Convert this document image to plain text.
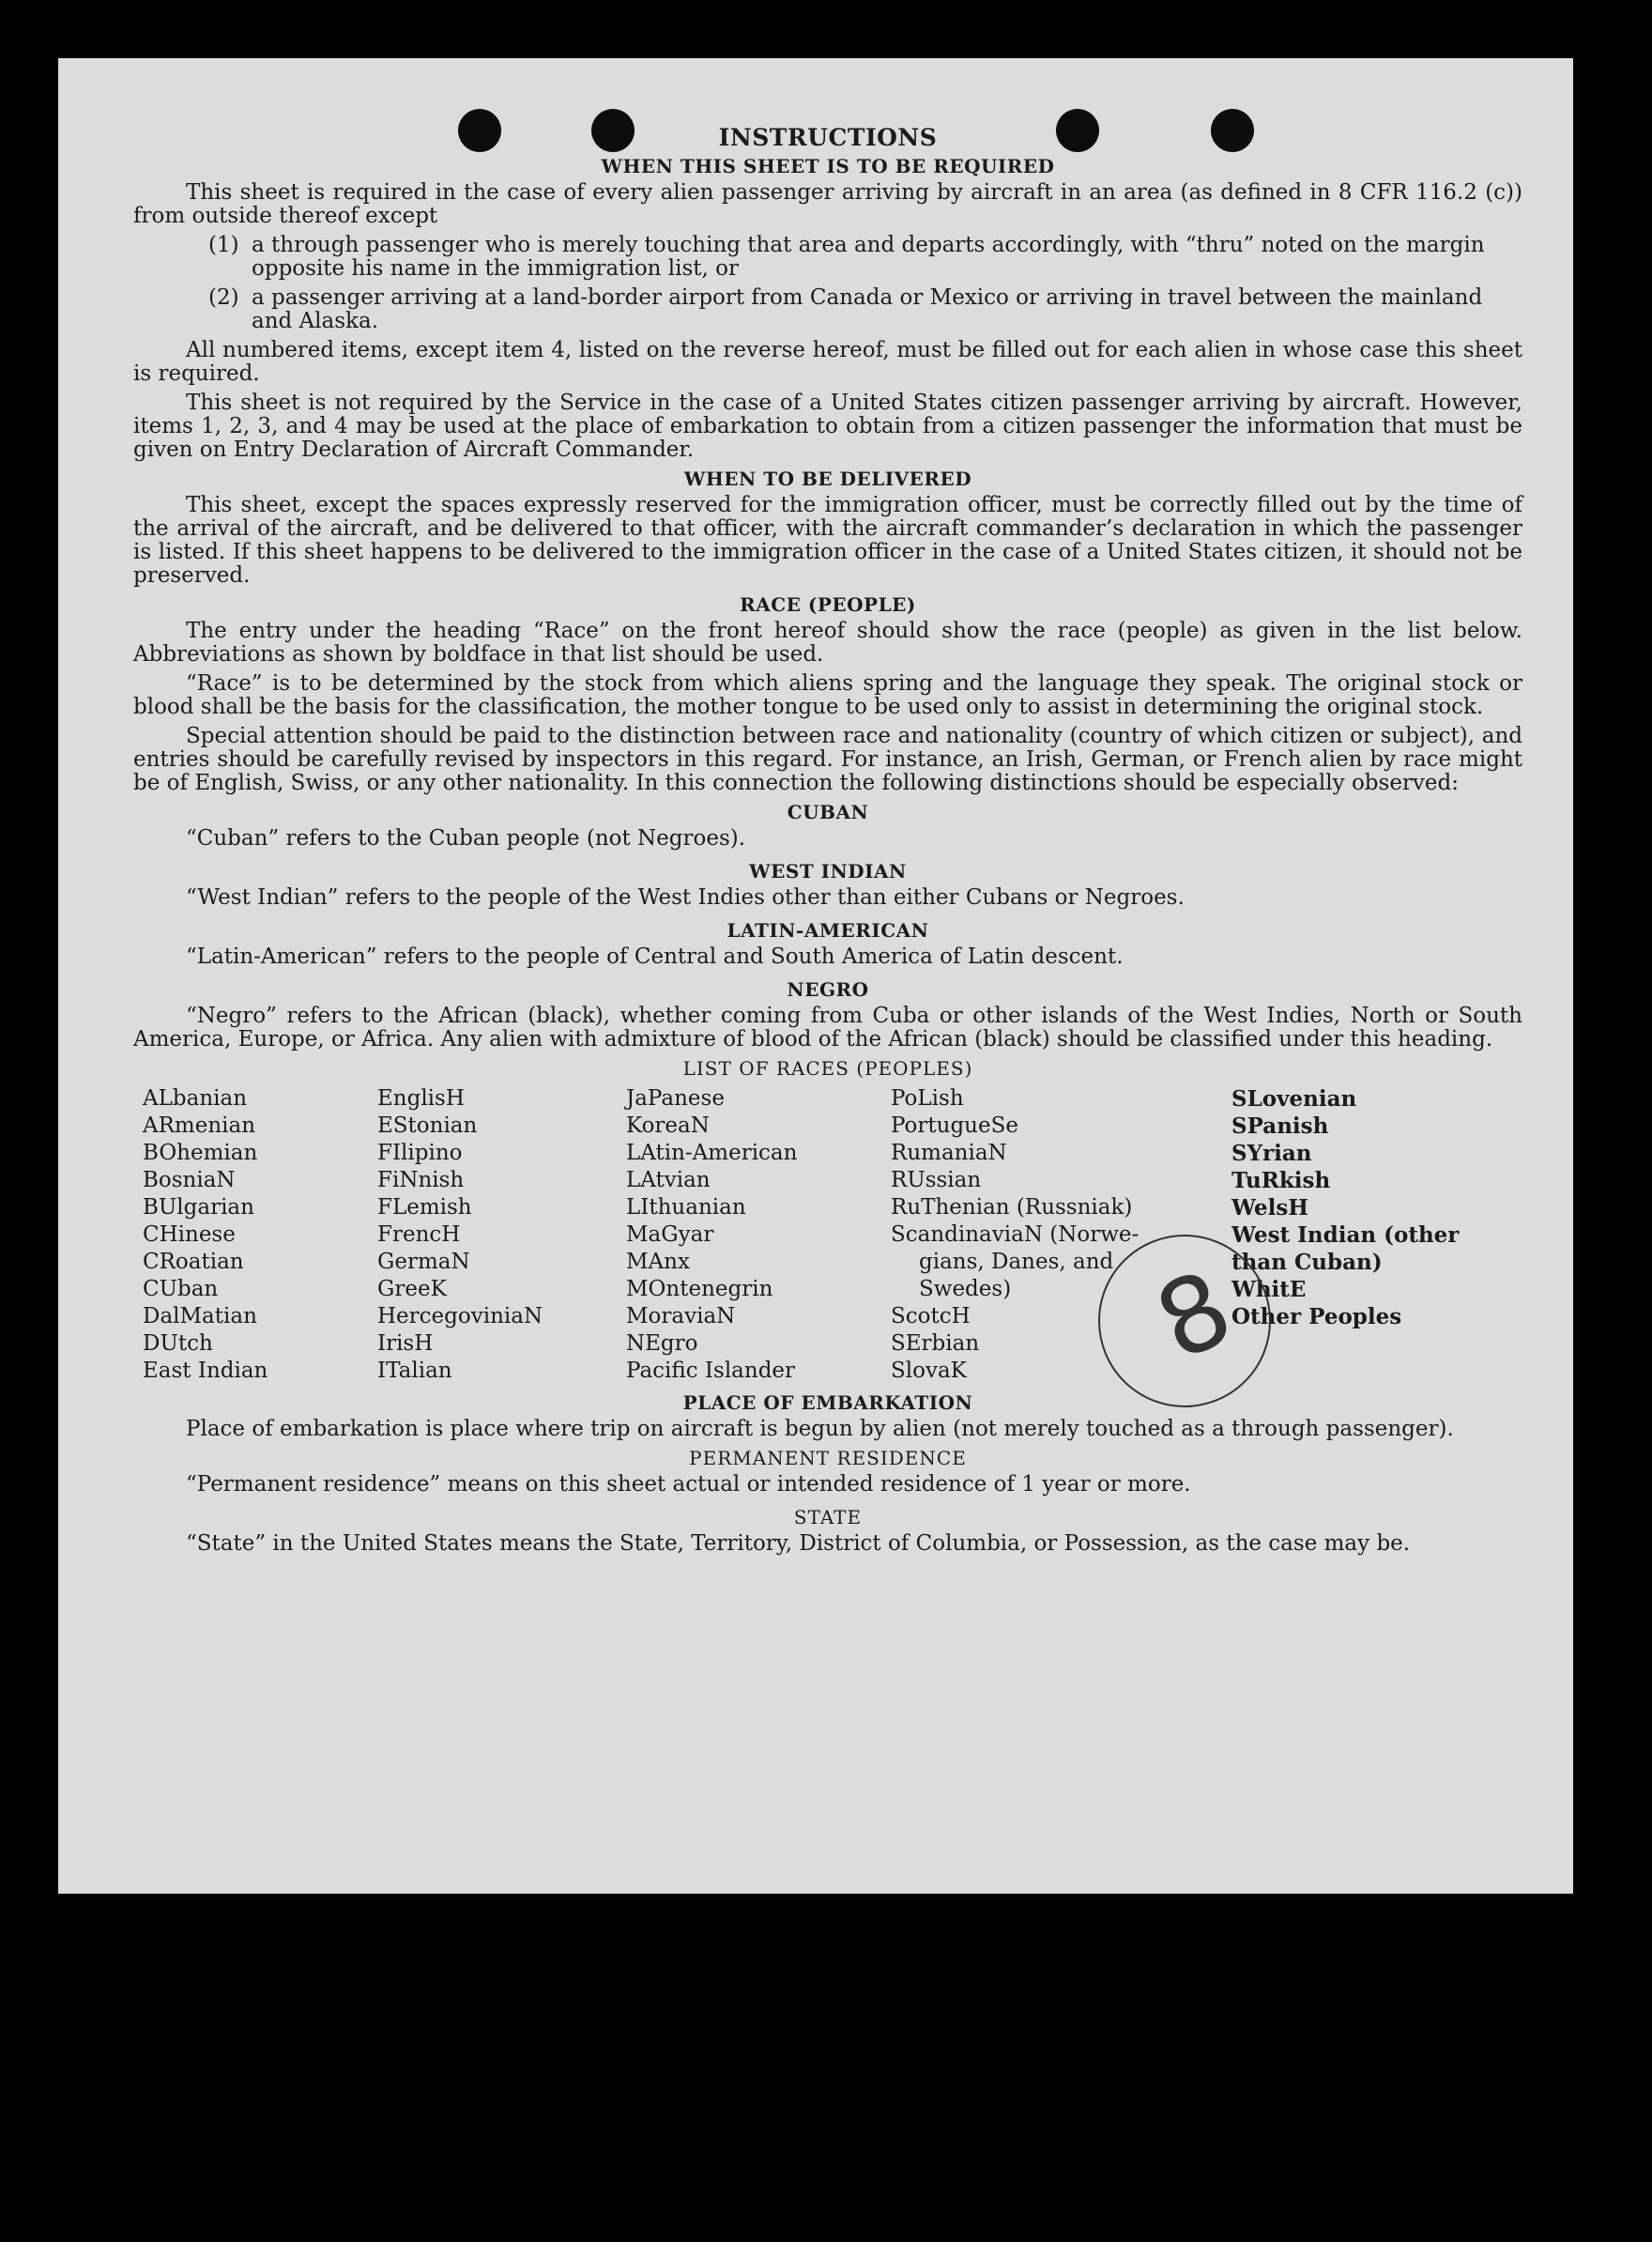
INSTRUCTIONS
WHEN THIS SHEET IS TO BE REQUIRED

This sheet is required in the case of every alien passenger arriving by aircraft in an area (as defined in 8 CFR 116.2 (c)) from outside thereof except

(1) a through passenger who is merely touching that area and departs accordingly, with “thru” noted on the margin opposite his name in the immigration list, or
(2) a passenger arriving at a land-border airport from Canada or Mexico or arriving in travel between the mainland and Alaska.

All numbered items, except item 4, listed on the reverse hereof, must be filled out for each alien in whose case this sheet is required.

This sheet is not required by the Service in the case of a United States citizen passenger arriving by aircraft. However, items 1, 2, 3, and 4 may be used at the place of embarkation to obtain from a citizen passenger the information that must be given on Entry Declaration of Aircraft Commander.

WHEN TO BE DELIVERED

This sheet, except the spaces expressly reserved for the immigration officer, must be correctly filled out by the time of the arrival of the aircraft, and be delivered to that officer, with the aircraft commander’s declaration in which the passenger is listed. If this sheet happens to be delivered to the immigration officer in the case of a United States citizen, it should not be preserved.

RACE (PEOPLE)

The entry under the heading “Race” on the front hereof should show the race (people) as given in the list below. Abbreviations as shown by boldface in that list should be used.

“Race” is to be determined by the stock from which aliens spring and the language they speak. The original stock or blood shall be the basis for the classification, the mother tongue to be used only to assist in determining the original stock.

Special attention should be paid to the distinction between race and nationality (country of which citizen or subject), and entries should be carefully revised by inspectors in this regard. For instance, an Irish, German, or French alien by race might be of English, Swiss, or any other nationality. In this connection the following distinctions should be especially observed:

CUBAN
“Cuban” refers to the Cuban people (not Negroes).
WEST INDIAN
“West Indian” refers to the people of the West Indies other than either Cubans or Negroes.
LATIN-AMERICAN
“Latin-American” refers to the people of Central and South America of Latin descent.
NEGRO

“Negro” refers to the African (black), whether coming from Cuba or other islands of the West Indies, North or South America, Europe, or Africa. Any alien with admixture of blood of the African (black) should be classified under this heading.

LIST OF RACES (PEOPLES)
ALbanian
ARmenian
BOhemian
BosniaN
BUlgarian
CHinese
CRoatian
CUban
DalMatian
DUtch
East Indian
EnglisH
EStonian
FIlipino
FiNnish
FLemish
FrencH
GermaN
GreeK
HercegoviniaN
IrisH
ITalian
JaPanese
KoreaN
LAtin-American
LAtvian
LIthuanian
MaGyar
MAnx
MOntenegrin
MoraviaN
NEgro
Pacific Islander
PoLish
PortugueSe
RumaniaN
RUssian
RuThenian (Russniak)
ScandinaviaN (Norwe-
gians, Danes, and
Swedes)
ScotcH
SErbian
SlovaK
SLovenian
SPanish
SYrian
TuRkish
WelsH
West Indian (other
than Cuban)
WhitE
Other Peoples
PLACE OF EMBARKATION

Place of embarkation is place where trip on aircraft is begun by alien (not merely touched as a through passenger).

PERMANENT RESIDENCE
“Permanent residence” means on this sheet actual or intended residence of 1 year or more.
STATE

“State” in the United States means the State, Territory, District of Columbia, or Possession, as the case may be.

8
